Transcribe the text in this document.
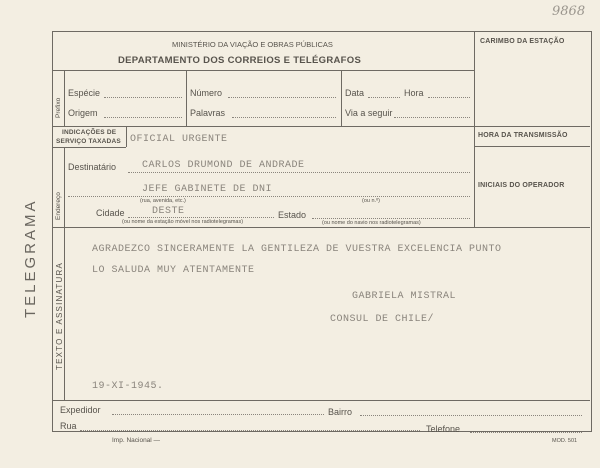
9868
TELEGRAMA
MINISTÉRIO DA VIAÇÃO E OBRAS PÚBLICAS
DEPARTAMENTO DOS CORREIOS E TELÉGRAFOS
CARIMBO DA ESTAÇÃO
Prefixo
Espécie	Número	Data	Hora
Origem	Palavras	Via a seguir
INDICAÇÕES DE
SERVIÇO TAXADAS OFICIAL URGENTE	HORA DA TRANSMISSÃO
INICIAIS DO OPERADOR
Endereço
Destinatário	CARLOS DRUMOND DE ANDRADE
JEFE GABINETE DE DNI
(rua, avenida, etc.)	(ou n.º)
Cidade	DESTE
(ou nome da estação móvel nos radiotelegramas)
Estado
(ou nome do navio nos radiotelegramas)
TEXTO E ASSINATURA
AGRADEZCO SINCERAMENTE LA GENTILEZA DE VUESTRA EXCELENCIA PUNTO
LO SALUDA MUY ATENTAMENTE
GABRIELA MISTRAL
CONSUL DE CHILE/
19-XI-1945.
Expedidor	Bairro
Rua	Telefone
Imp. Nacional —	MOD. 501
